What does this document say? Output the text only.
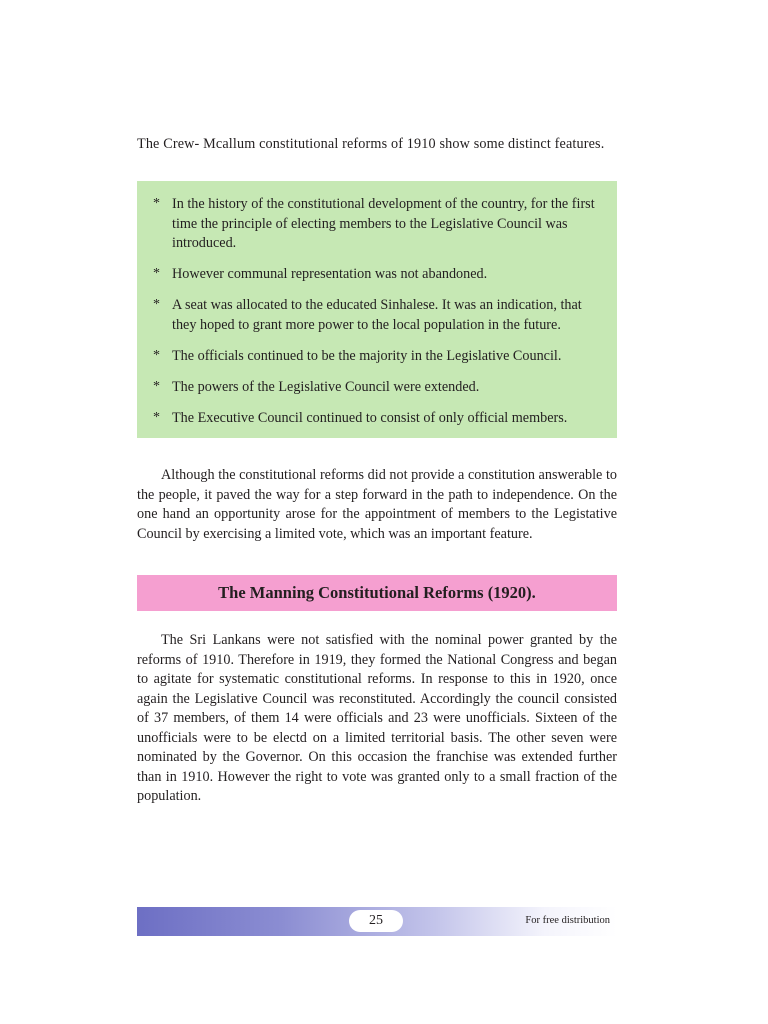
The Crew- Mcallum constitutional reforms of 1910 show some distinct features.

* In the history of the constitutional development of the country, for the first time the principle of electing members to the Legislative Council was introduced.
* However communal representation was not abandoned.
* A seat was allocated to the educated Sinhalese. It was an indication, that they hoped to grant more power to the local population in the future.
* The officials continued to be the majority in the Legislative Council.
* The powers of the Legislative Council were extended.
* The Executive Council continued to consist of only official members.

Although the constitutional reforms did not provide a constitution answerable to the people, it paved the way for a step forward in the path to independence. On the one hand an opportunity arose for the appointment of members to the Legistative Council by exercising a limited vote, which was an important feature.

The Manning Constitutional Reforms (1920).

The Sri Lankans were not satisfied with the nominal power granted by the reforms of 1910. Therefore in 1919, they formed the National Congress and began to agitate for systematic constitutional reforms. In response to this in 1920, once again the Legislative Council was reconstituted. Accordingly the council consisted of 37 members, of them 14 were officials and 23 were unofficials. Sixteen of the unofficials were to be electd on a limited territorial basis. The other seven were nominated by the Governor. On this occasion the franchise was extended further than in 1910. However the right to vote was granted only to a small fraction of the population.

25	For free distribution
